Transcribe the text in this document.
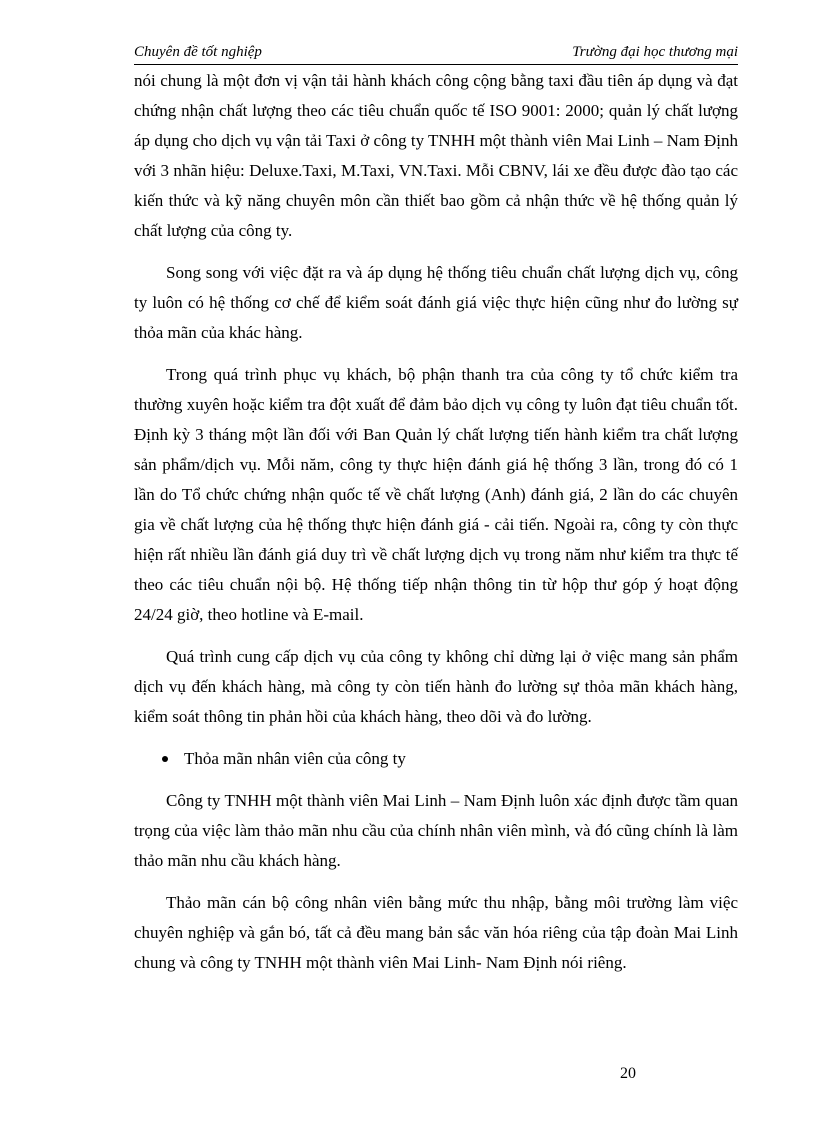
Chuyên đề tốt nghiệp	Trường đại học thương mại

nói chung là một đơn vị vận tải hành khách công cộng bằng taxi đầu tiên áp dụng và đạt chứng nhận chất lượng theo các tiêu chuẩn quốc tế ISO 9001: 2000; quản lý chất lượng áp dụng cho dịch vụ vận tải Taxi ở công ty TNHH một thành viên Mai Linh – Nam Định với 3 nhãn hiệu: Deluxe.Taxi, M.Taxi, VN.Taxi. Mỗi CBNV, lái xe đều được đào tạo các kiến thức và kỹ năng chuyên môn cần thiết bao gồm cả nhận thức về hệ thống quản lý chất lượng của công ty.

Song song với việc đặt ra và áp dụng hệ thống tiêu chuẩn chất lượng dịch vụ, công ty luôn có hệ thống cơ chế để kiểm soát đánh giá việc thực hiện cũng như đo lường sự thỏa mãn của khác hàng.

Trong quá trình phục vụ khách, bộ phận thanh tra của công ty tổ chức kiểm tra thường xuyên hoặc kiểm tra đột xuất để đảm bảo dịch vụ công ty luôn đạt tiêu chuẩn tốt. Định kỳ 3 tháng một lần đối với Ban Quản lý chất lượng tiến hành kiểm tra chất lượng sản phẩm/dịch vụ. Mỗi năm, công ty thực hiện đánh giá hệ thống 3 lần, trong đó có 1 lần do Tổ chức chứng nhận quốc tế về chất lượng (Anh) đánh giá, 2 lần do các chuyên gia về chất lượng của hệ thống thực hiện đánh giá - cải tiến. Ngoài ra, công ty còn thực hiện rất nhiều lần đánh giá duy trì về chất lượng dịch vụ trong năm như kiểm tra thực tế theo các tiêu chuẩn nội bộ. Hệ thống tiếp nhận thông tin từ hộp thư góp ý hoạt động 24/24 giờ, theo hotline và E-mail.

Quá trình cung cấp dịch vụ của công ty không chỉ dừng lại ở việc mang sản phẩm dịch vụ đến khách hàng, mà công ty còn tiến hành đo lường sự thỏa mãn khách hàng, kiểm soát thông tin phản hồi của khách hàng, theo dõi và đo lường.

Thỏa mãn nhân viên của công ty

Công ty TNHH một thành viên Mai Linh – Nam Định luôn xác định được tầm quan trọng của việc làm thảo mãn nhu cầu của chính nhân viên mình, và đó cũng chính là làm thảo mãn nhu cầu khách hàng.

Thảo mãn cán bộ công nhân viên bằng mức thu nhập, bằng môi trường làm việc chuyên nghiệp và gắn bó, tất cả đều mang bản sắc văn hóa riêng của tập đoàn Mai Linh chung và công ty TNHH một thành viên Mai Linh- Nam Định nói riêng.

20
